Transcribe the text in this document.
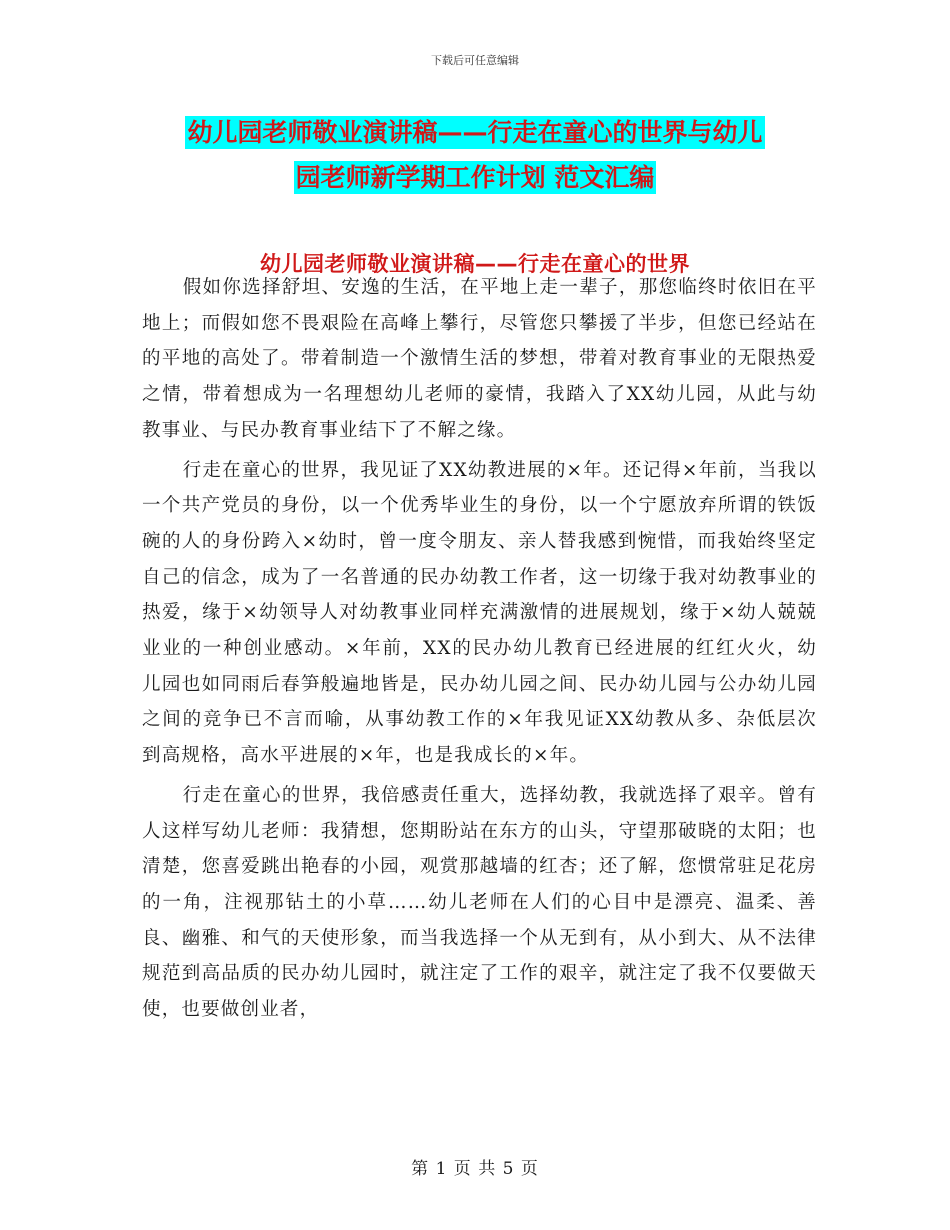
下载后可任意编辑
幼儿园老师敬业演讲稿——行走在童心的世界与幼儿
园老师新学期工作计划 范文汇编
幼儿园老师敬业演讲稿——行走在童心的世界

假如你选择舒坦、安逸的生活，在平地上走一辈子，那您临终时依旧在平地上；而假如您不畏艰险在高峰上攀行，尽管您只攀援了半步，但您已经站在的平地的高处了。带着制造一个激情生活的梦想，带着对教育事业的无限热爱之情，带着想成为一名理想幼儿老师的豪情，我踏入了XX幼儿园，从此与幼教事业、与民办教育事业结下了不解之缘。

行走在童心的世界，我见证了XX幼教进展的×年。还记得×年前，当我以一个共产党员的身份，以一个优秀毕业生的身份，以一个宁愿放弃所谓的铁饭碗的人的身份跨入×幼时，曾一度令朋友、亲人替我感到惋惜，而我始终坚定自己的信念，成为了一名普通的民办幼教工作者，这一切缘于我对幼教事业的热爱，缘于×幼领导人对幼教事业同样充满激情的进展规划，缘于×幼人兢兢业业的一种创业感动。×年前，XX的民办幼儿教育已经进展的红红火火，幼儿园也如同雨后春笋般遍地皆是，民办幼儿园之间、民办幼儿园与公办幼儿园之间的竞争已不言而喻，从事幼教工作的×年我见证XX幼教从多、杂低层次到高规格，高水平进展的×年，也是我成长的×年。

行走在童心的世界，我倍感责任重大，选择幼教，我就选择了艰辛。曾有人这样写幼儿老师：我猜想，您期盼站在东方的山头，守望那破晓的太阳；也清楚，您喜爱跳出艳春的小园，观赏那越墙的红杏；还了解，您惯常驻足花房的一角，注视那钻土的小草……幼儿老师在人们的心目中是漂亮、温柔、善良、幽雅、和气的天使形象，而当我选择一个从无到有，从小到大、从不法律规范到高品质的民办幼儿园时，就注定了工作的艰辛，就注定了我不仅要做天使，也要做创业者，

第 1 页 共 5 页
